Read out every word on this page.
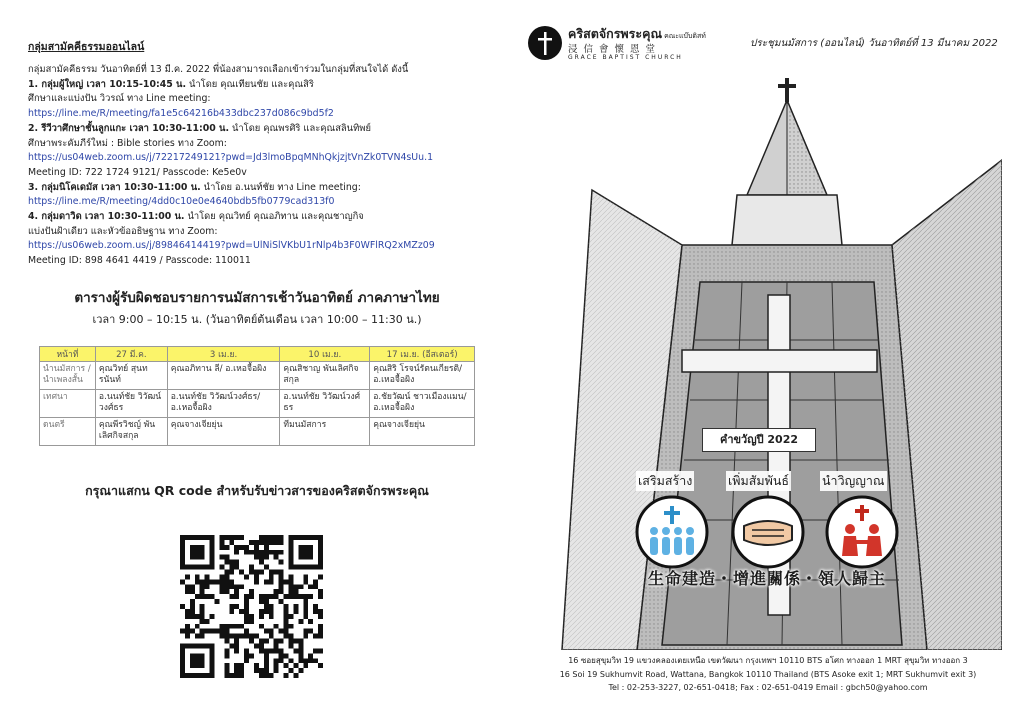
กลุ่มสามัคคีธรรมออนไลน์
กลุ่มสามัคคีธรรม วันอาทิตย์ที่ 13 มี.ค. 2022 พี่น้องสามารถเลือกเข้าร่วมในกลุ่มที่สนใจได้ ดังนี้
1. กลุ่มผู้ใหญ่ เวลา 10:15-10:45 น. นำโดย คุณเทียนชัย และคุณสิริ
ศึกษาและแบ่งปัน วิวรณ์ ทาง Line meeting:
https://line.me/R/meeting/fa1e5c64216b433dbc237d086c9bd5f2
2. รีวีวาศึกษาชั้นลูกแกะ เวลา 10:30-11:00 น. นำโดย คุณพรศิริ และคุณสลินทิพย์
ศึกษาพระคัมภีร์ใหม่ : Bible stories ทาง Zoom:
https://us04web.zoom.us/j/72217249121?pwd=Jd3lmoBpqMNhQkjzjtVnZk0TVN4sUu.1
Meeting ID: 722 1724 9121/ Passcode: Ke5e0v
3. กลุ่มนิโคเดมัส เวลา 10:30-11:00 น. นำโดย อ.นนท์ชัย ทาง Line meeting:
https://line.me/R/meeting/4dd0c10e0e4640bdb5fb0779cad313f0
4. กลุ่มดาวิด เวลา 10:30-11:00 น. นำโดย คุณวิทย์ คุณอภิทาน และคุณชาญกิจ
แบ่งปันฝ้าเดียว และหัวข้ออธิษฐาน ทาง Zoom:
https://us06web.zoom.us/j/89846414419?pwd=UlNiSlVKbU1rNlp4b3F0WFlRQ2xMZz09
Meeting ID: 898 4641 4419 / Passcode: 110011
ตารางผู้รับผิดชอบรายการนมัสการเช้าวันอาทิตย์ ภาคภาษาไทย
เวลา 9:00 – 10:15 น. (วันอาทิตย์ต้นเดือน เวลา 10:00 – 11:30 น.)
หน้าที่	27 มี.ค.	3 เม.ย.	10 เม.ย.	17 เม.ย. (อีสเตอร์)
นำนมัสการ / นำเพลงสั้น	คุณวิทย์ สุนทรนันท์	คุณอภิทาน ลี/ อ.เหอจื้อผิง	คุณสิชาญ พันเลิศกิจสกุล	คุณสิริ โรจน์รัตนเกียรติ/ อ.เหอจื้อผิง
เทศนา	อ.นนท์ชัย วิวัฒน์วงศ์ธร	อ.นนท์ชัย วิวัฒน์วงศ์ธร/ อ.เหอจื้อผิง	อ.นนท์ชัย วิวัฒน์วงศ์ธร	อ.ชัยวัฒน์ ชาวเมืองแมน/ อ.เหอจื้อผิง
ดนตรี	คุณพีรวิชญ์ พันเลิศกิจสกุล	คุณจางเจียยุ่น	ทีมนมัสการ	คุณจางเจียยุ่น
กรุณาแสกน QR code สำหรับรับข่าวสารของคริสตจักรพระคุณ
คริสตจักรพระคุณ คณะแบ๊บติสท์
浸信會懷恩堂
GRACE BAPTIST CHURCH
ประชุมนมัสการ (ออนไลน์) วันอาทิตย์ที่ 13 มีนาคม 2022
คำขวัญปี 2022
เสริมสร้าง	เพิ่มสัมพันธ์	นำวิญญาณ
生命建造・增進關係・領人歸主
16 ซอยสุขุมวิท 19 แขวงคลองเตยเหนือ เขตวัฒนา กรุงเทพฯ 10110 BTS อโศก ทางออก 1 MRT สุขุมวิท ทางออก 3
16 Soi 19 Sukhumvit Road, Wattana, Bangkok 10110 Thailand (BTS Asoke exit 1; MRT Sukhumvit exit 3)
Tel : 02-253-3227, 02-651-0418; Fax : 02-651-0419 Email : gbch50@yahoo.com
